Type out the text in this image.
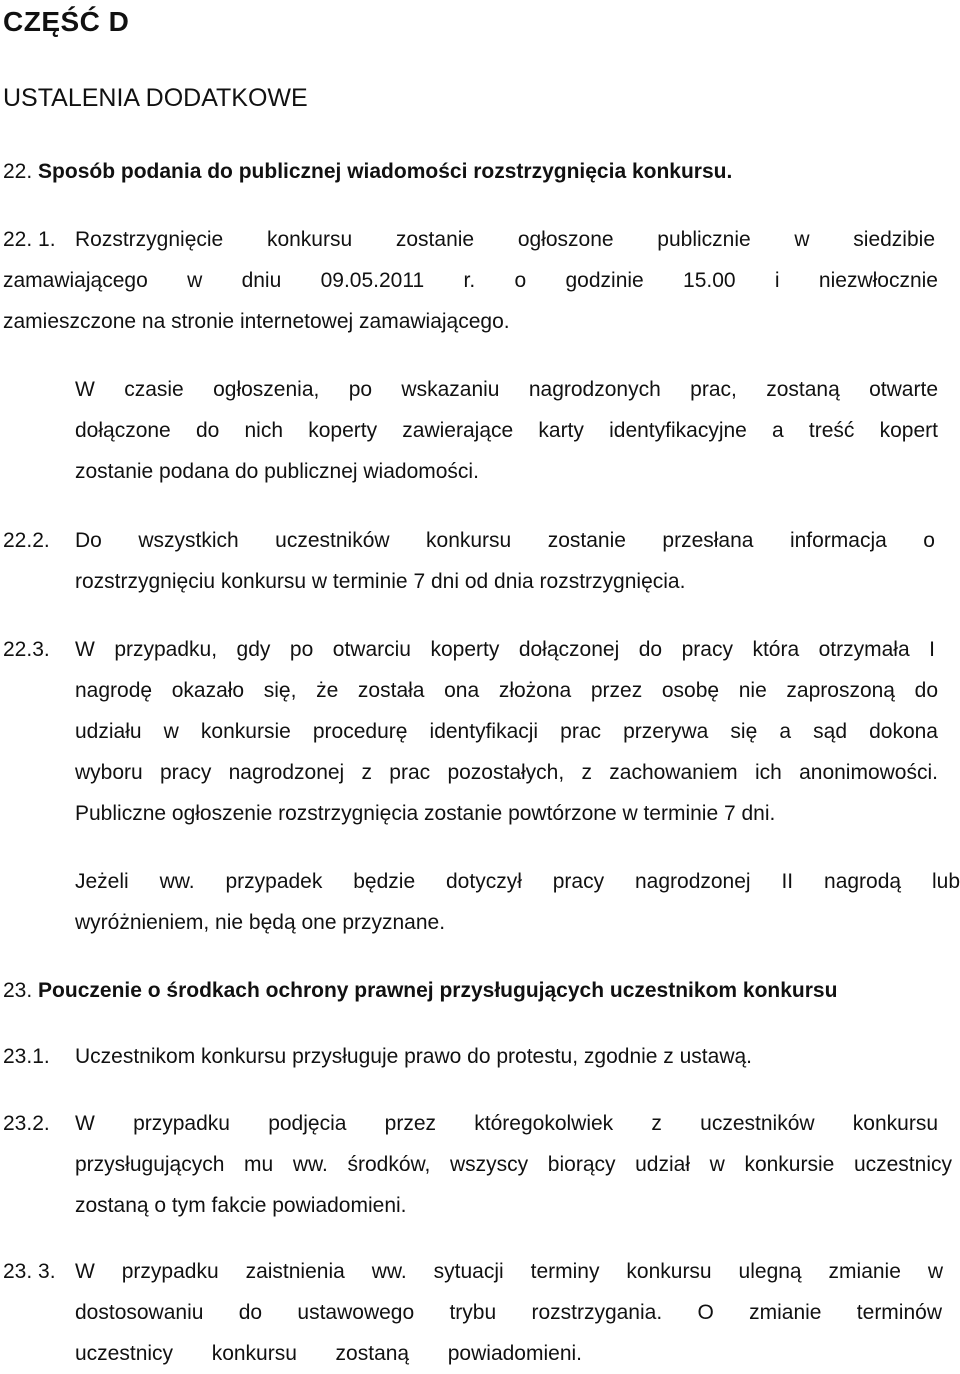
CZĘŚĆ D
USTALENIA DODATKOWE
22. Sposób podania do publicznej wiadomości rozstrzygnięcia konkursu.
22. 1. Rozstrzygnięcie konkursu zostanie ogłoszone publicznie w siedzibie
zamawiającego w dniu 09.05.2011 r. o godzinie 15.00 i niezwłocznie
zamieszczone na stronie internetowej zamawiającego.
W czasie ogłoszenia, po wskazaniu nagrodzonych prac, zostaną otwarte
dołączone do nich koperty zawierające karty identyfikacyjne a treść kopert
zostanie podana do publicznej wiadomości.
22.2.	Do wszystkich uczestników konkursu zostanie przesłana informacja o
rozstrzygnięciu konkursu w terminie 7 dni od dnia rozstrzygnięcia.
22.3.	W przypadku, gdy po otwarciu koperty dołączonej do pracy która otrzymała I
nagrodę okazało się, że została ona złożona przez osobę nie zaproszoną do
udziału w konkursie procedurę identyfikacji prac przerywa się a sąd dokona
wyboru pracy nagrodzonej z prac pozostałych, z zachowaniem ich anonimowości.
Publiczne ogłoszenie rozstrzygnięcia zostanie powtórzone w terminie 7 dni.
Jeżeli ww. przypadek będzie dotyczył pracy nagrodzonej II nagrodą lub
wyróżnieniem, nie będą one przyznane.
23. Pouczenie o środkach ochrony prawnej przysługujących uczestnikom konkursu
23.1.	Uczestnikom konkursu przysługuje prawo do protestu, zgodnie z ustawą.
23.2.	W przypadku podjęcia przez któregokolwiek z uczestników konkursu
przysługujących mu ww. środków, wszyscy biorący udział w konkursie uczestnicy
zostaną o tym fakcie powiadomieni.
23. 3. W przypadku zaistnienia ww. sytuacji terminy konkursu ulegną zmianie w
dostosowaniu do ustawowego trybu rozstrzygania. O zmianie terminów
uczestnicy konkursu zostaną powiadomieni.
